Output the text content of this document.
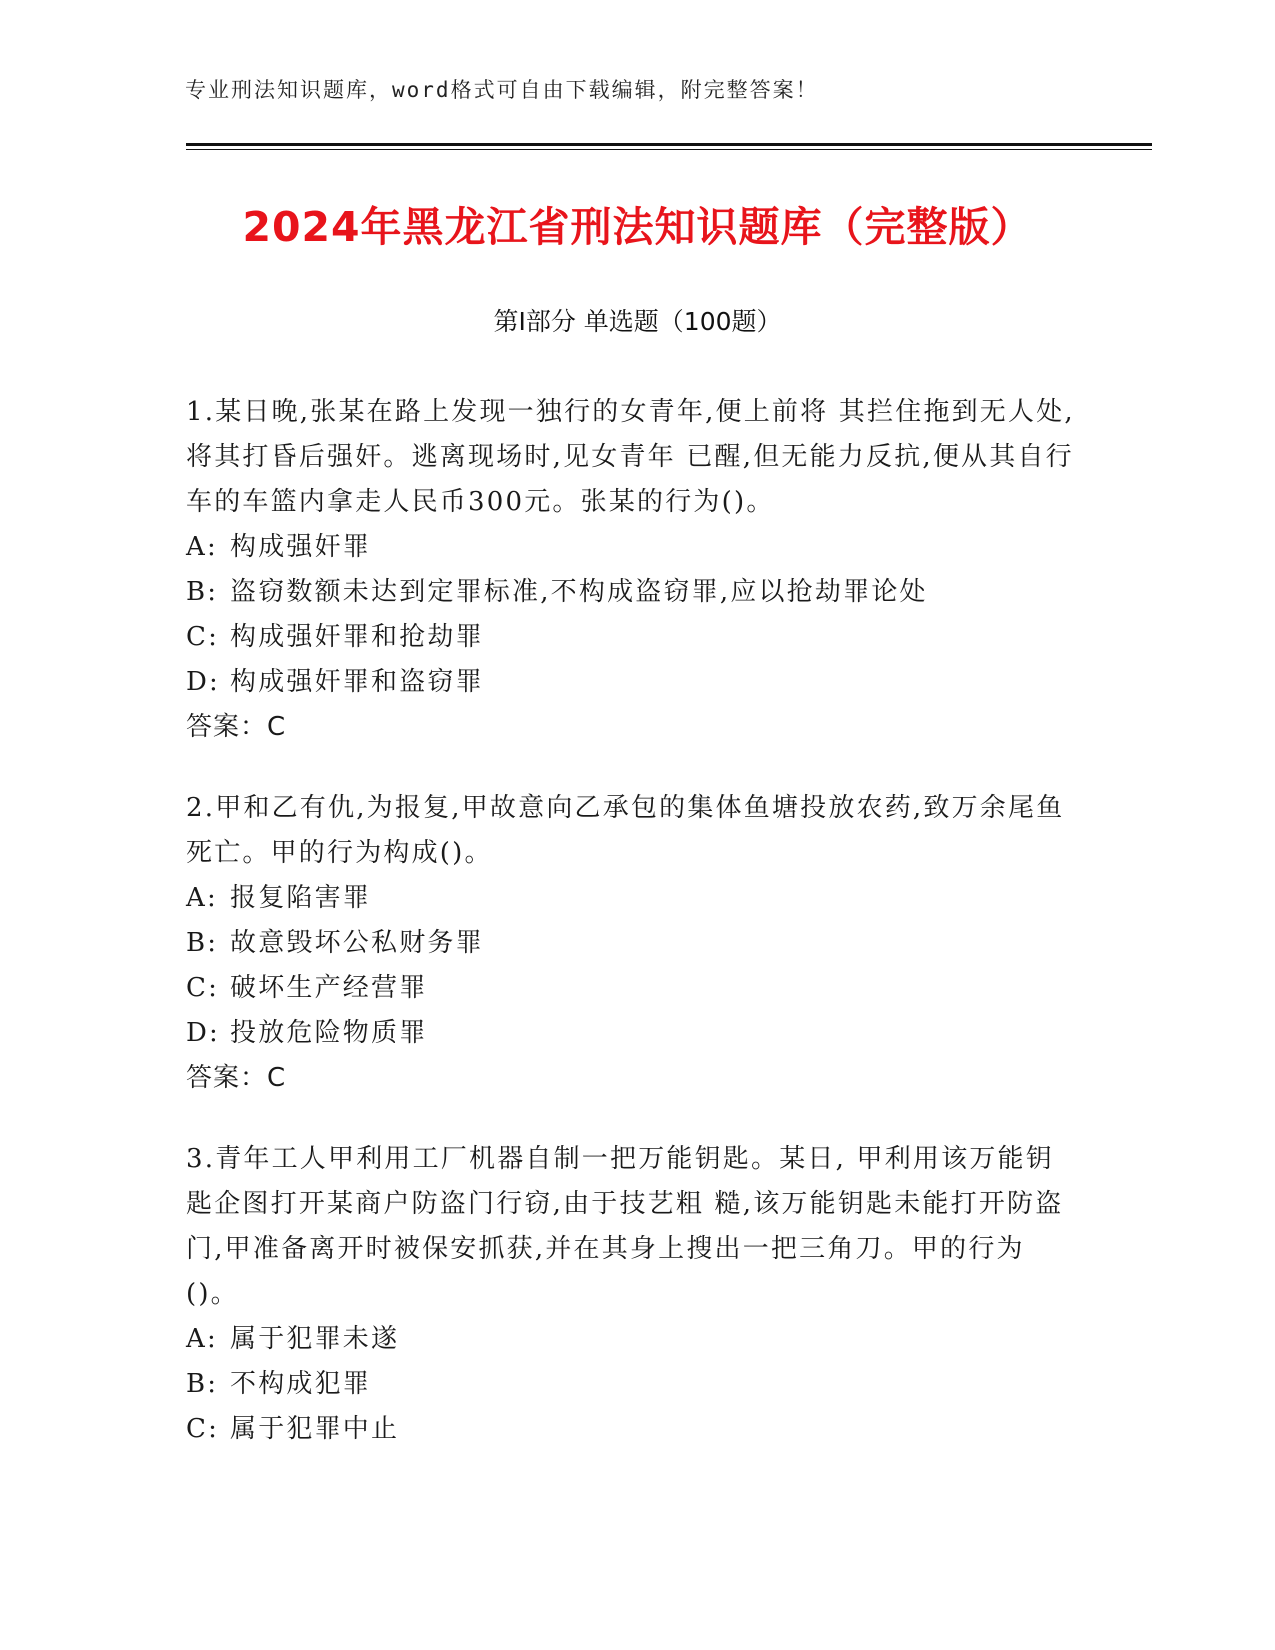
专业刑法知识题库，word格式可自由下载编辑，附完整答案！
2024年黑龙江省刑法知识题库（完整版）
第Ⅰ部分 单选题（100题）

1.某日晚,张某在路上发现一独行的女青年,便上前将 其拦住拖到无人处,将其打昏后强奸。逃离现场时,见女青年 已醒,但无能力反抗,便从其自行车的车篮内拿走人民币300元。张某的行为()。

A: 构成强奸罪

B: 盗窃数额未达到定罪标准,不构成盗窃罪,应以抢劫罪论处

C: 构成强奸罪和抢劫罪

D: 构成强奸罪和盗窃罪

答案：C

2.甲和乙有仇,为报复,甲故意向乙承包的集体鱼塘投放农药,致万余尾鱼死亡。甲的行为构成()。

A: 报复陷害罪

B: 故意毁坏公私财务罪

C: 破坏生产经营罪

D: 投放危险物质罪

答案：C

3.青年工人甲利用工厂机器自制一把万能钥匙。某日, 甲利用该万能钥匙企图打开某商户防盗门行窃,由于技艺粗 糙,该万能钥匙未能打开防盗门,甲准备离开时被保安抓获,并在其身上搜出一把三角刀。甲的行为()。

A: 属于犯罪未遂

B: 不构成犯罪

C: 属于犯罪中止
